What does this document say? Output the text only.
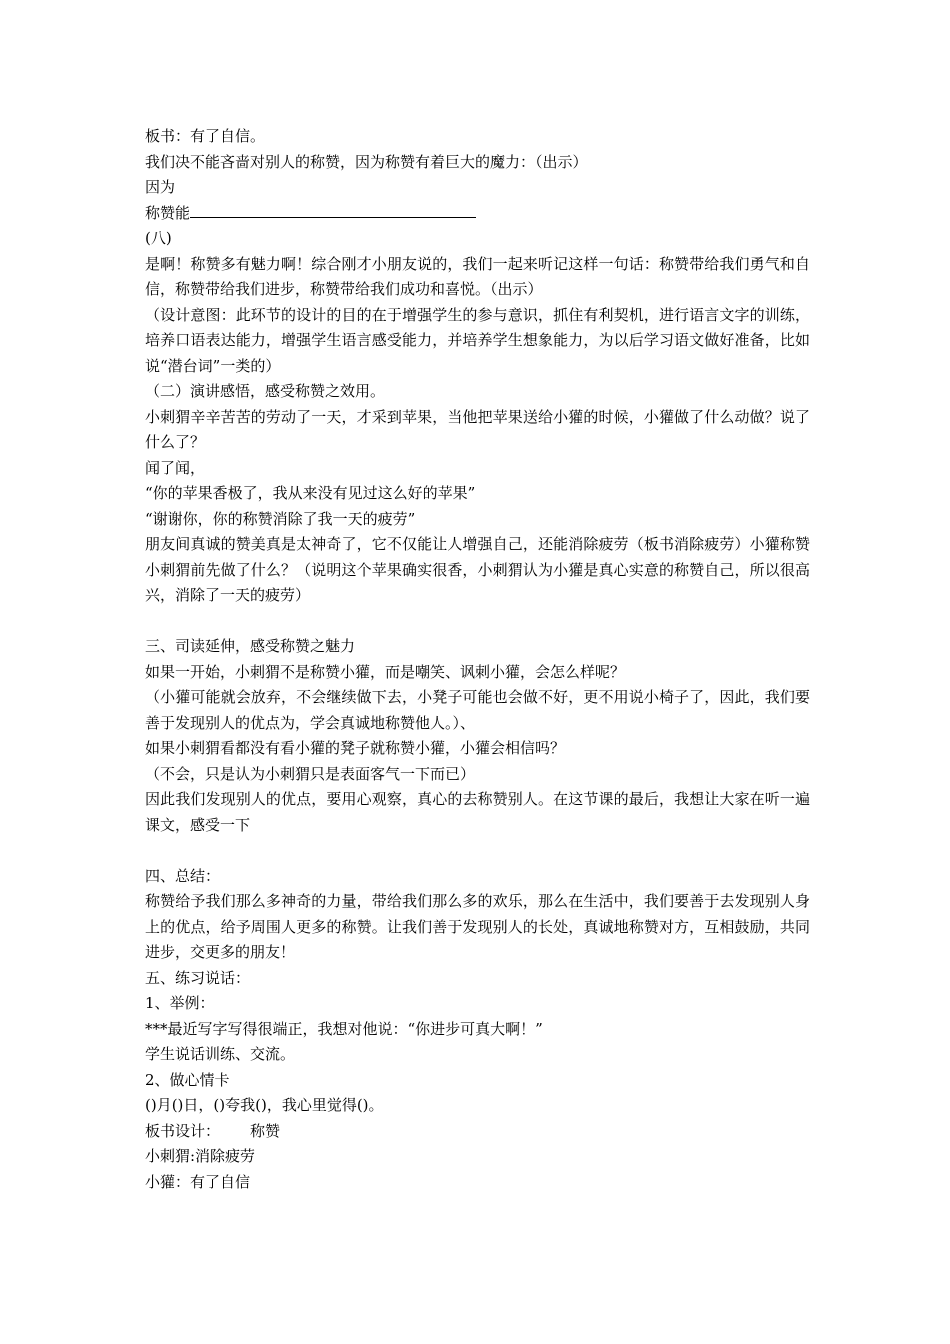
板书：有了自信。
我们决不能吝啬对别人的称赞，因为称赞有着巨大的魔力：（出示）
因为
称赞能
(八)
是啊！称赞多有魅力啊！综合刚才小朋友说的，我们一起来听记这样一句话：称赞带给我们勇气和自信，称赞带给我们进步，称赞带给我们成功和喜悦。（出示）
（设计意图：此环节的设计的目的在于增强学生的参与意识，抓住有利契机，进行语言文字的训练，培养口语表达能力，增强学生语言感受能力，并培养学生想象能力，为以后学习语文做好准备，比如说“潜台词”一类的）
（二）演讲感悟，感受称赞之效用。
小刺猬辛辛苦苦的劳动了一天，才采到苹果，当他把苹果送给小獾的时候，小獾做了什么动做？说了什么了？
闻了闻，
“你的苹果香极了，我从来没有见过这么好的苹果”
“谢谢你，你的称赞消除了我一天的疲劳”
朋友间真诚的赞美真是太神奇了，它不仅能让人增强自己，还能消除疲劳（板书消除疲劳）小獾称赞小刺猬前先做了什么？（说明这个苹果确实很香，小刺猬认为小獾是真心实意的称赞自己，所以很高兴，消除了一天的疲劳）
三、司读延伸，感受称赞之魅力
如果一开始，小刺猬不是称赞小獾，而是嘲笑、讽刺小獾，会怎么样呢？
（小獾可能就会放弃，不会继续做下去，小凳子可能也会做不好，更不用说小椅子了，因此，我们要善于发现别人的优点为，学会真诚地称赞他人。）、
如果小刺猬看都没有看小獾的凳子就称赞小獾，小獾会相信吗？
（不会，只是认为小刺猬只是表面客气一下而已）
因此我们发现别人的优点，要用心观察，真心的去称赞别人。在这节课的最后，我想让大家在听一遍课文，感受一下
四、总结：
称赞给予我们那么多神奇的力量，带给我们那么多的欢乐，那么在生活中，我们要善于去发现别人身上的优点，给予周围人更多的称赞。让我们善于发现别人的长处，真诚地称赞对方，互相鼓励，共同进步，交更多的朋友！
五、练习说话：
1、举例：
***最近写字写得很端正，我想对他说：“你进步可真大啊！”
学生说话训练、交流。
2、做心情卡
()月()日，()夸我()，我心里觉得()。
板书设计： 称赞
小刺猬:消除疲劳
小獾：有了自信
